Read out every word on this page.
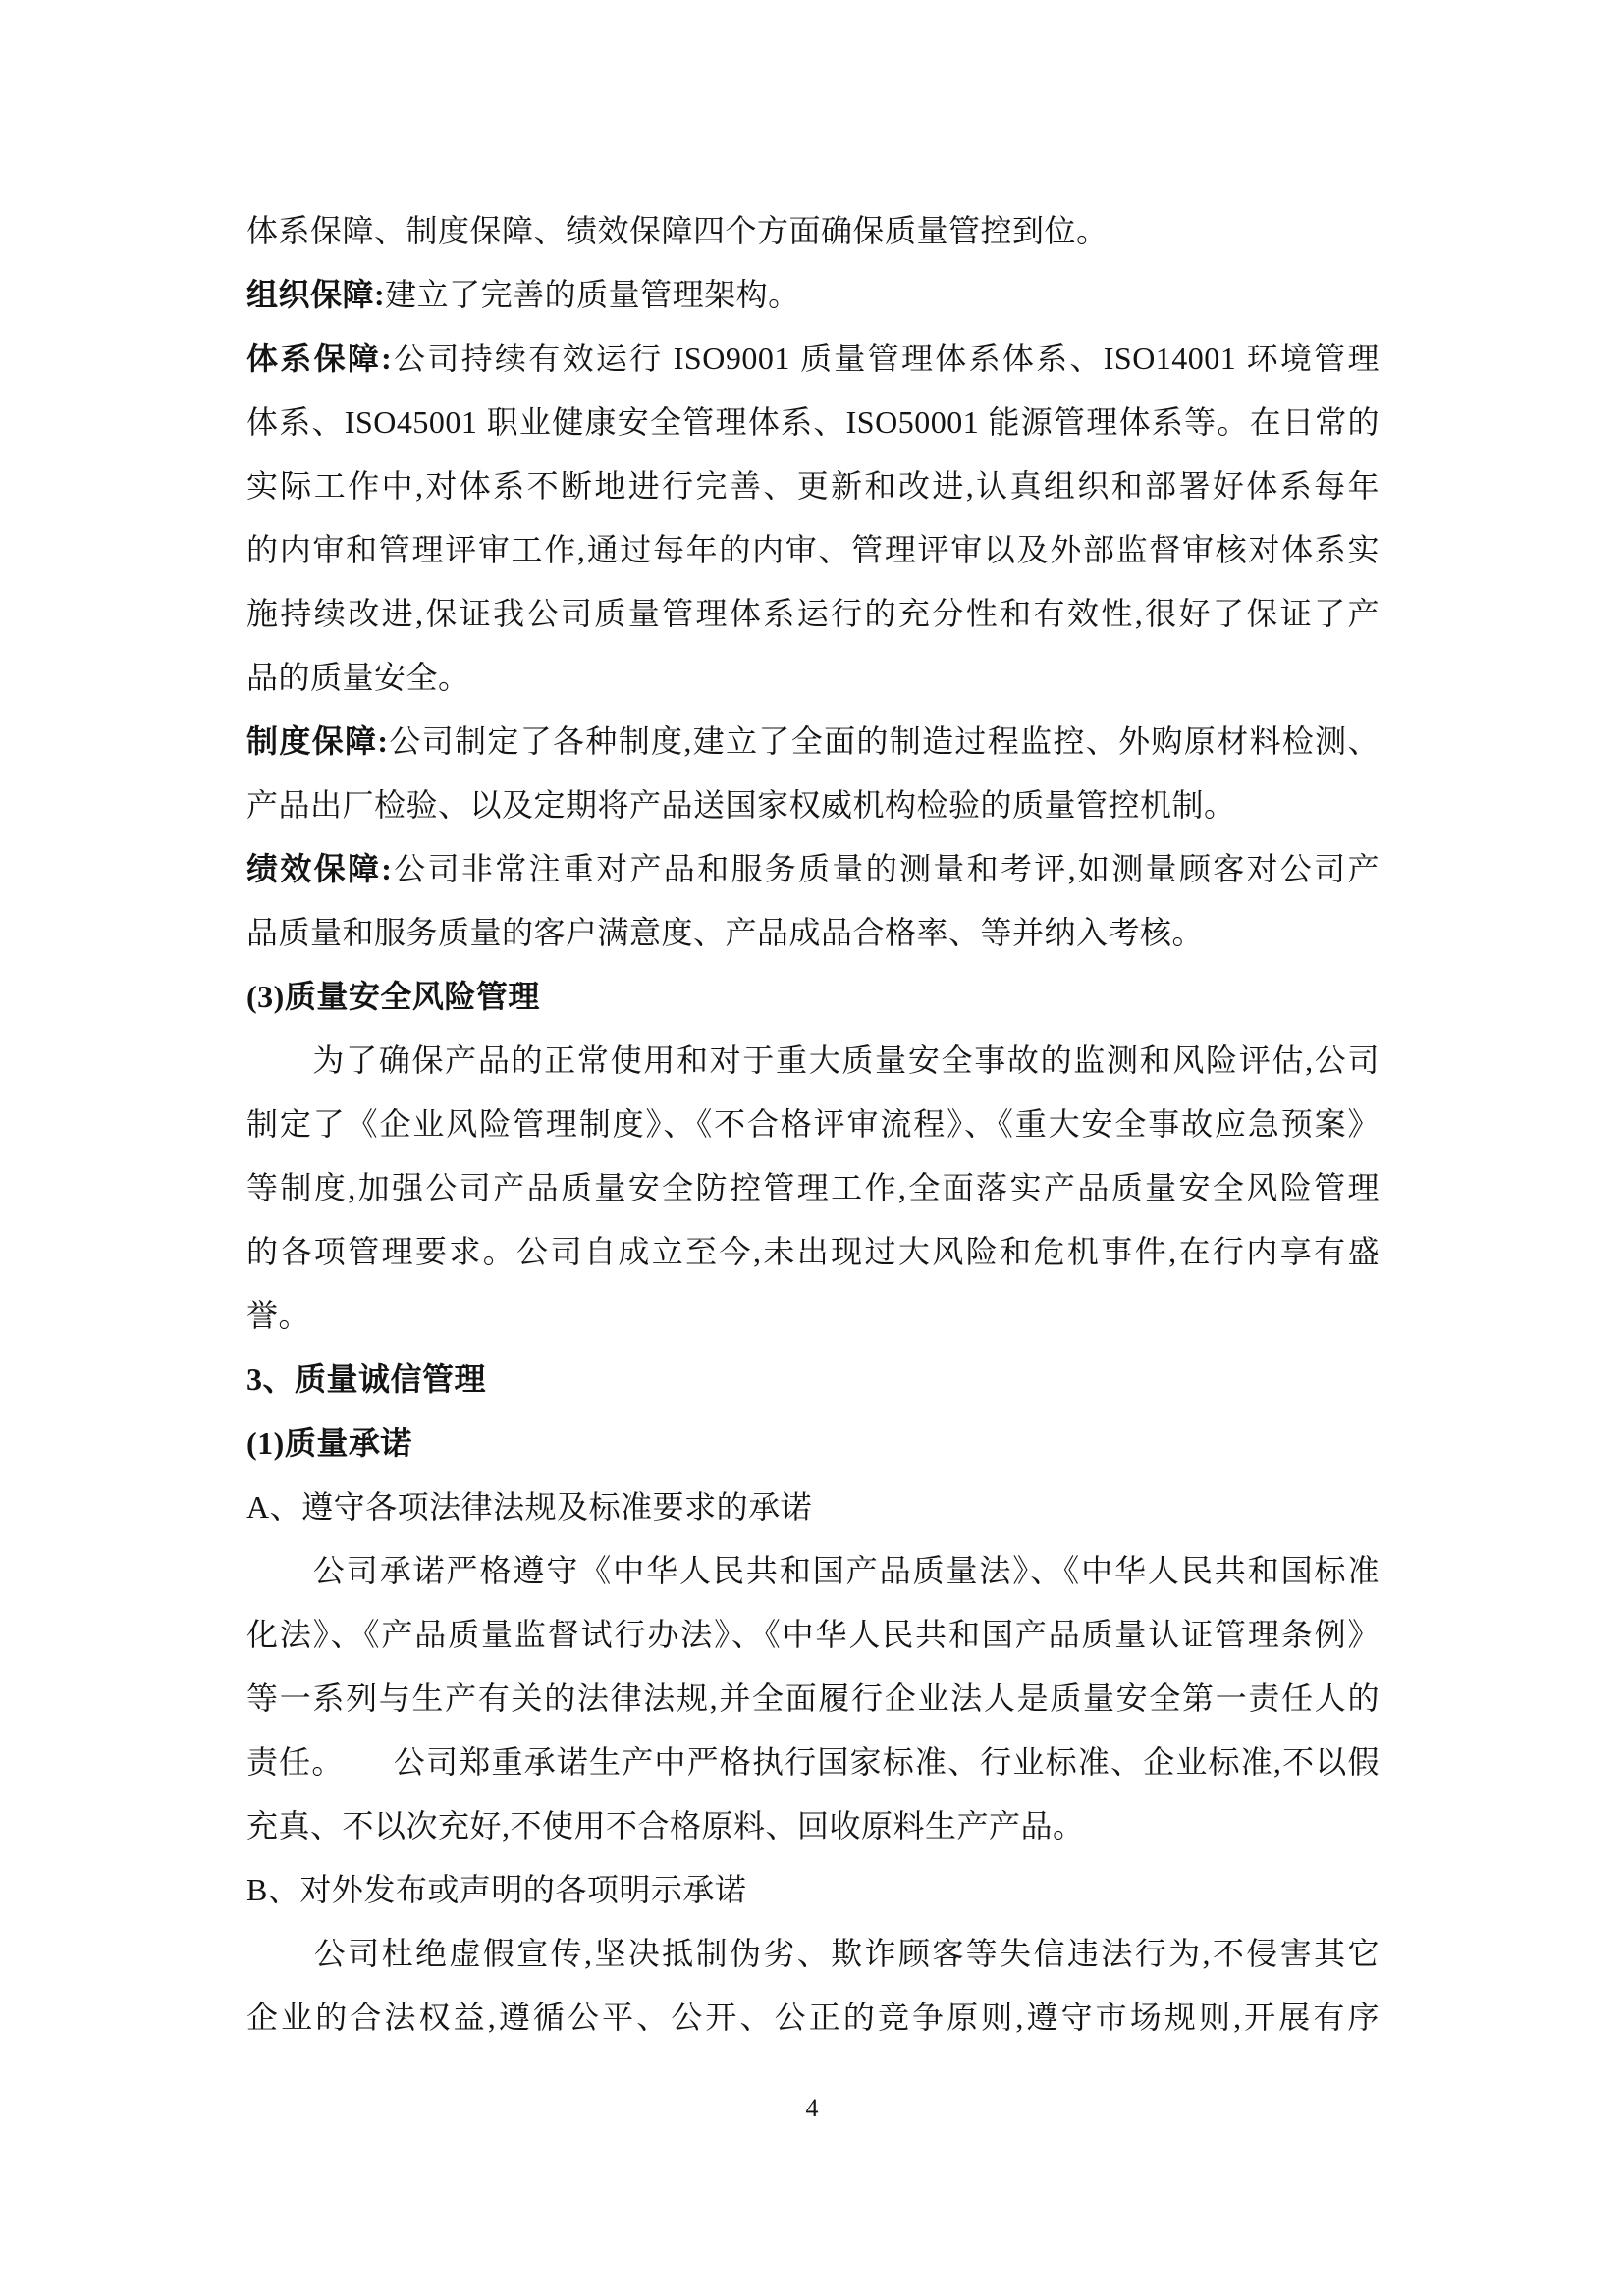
体系保障、制度保障、绩效保障四个方面确保质量管控到位。
组织保障:建立了完善的质量管理架构。
体系保障:公司持续有效运行 ISO9001 质量管理体系体系、ISO14001 环境管理
体系、ISO45001 职业健康安全管理体系、ISO50001 能源管理体系等。在日常的
实际工作中,对体系不断地进行完善、更新和改进,认真组织和部署好体系每年
的内审和管理评审工作,通过每年的内审、管理评审以及外部监督审核对体系实
施持续改进,保证我公司质量管理体系运行的充分性和有效性,很好了保证了产
品的质量安全。
制度保障:公司制定了各种制度,建立了全面的制造过程监控、外购原材料检测、
产品出厂检验、以及定期将产品送国家权威机构检验的质量管控机制。
绩效保障:公司非常注重对产品和服务质量的测量和考评,如测量顾客对公司产
品质量和服务质量的客户满意度、产品成品合格率、等并纳入考核。
(3)质量安全风险管理
　　为了确保产品的正常使用和对于重大质量安全事故的监测和风险评估,公司
制定了《企业风险管理制度》、《不合格评审流程》、《重大安全事故应急预案》
等制度,加强公司产品质量安全防控管理工作,全面落实产品质量安全风险管理
的各项管理要求。公司自成立至今,未出现过大风险和危机事件,在行内享有盛
誉。
3、质量诚信管理
(1)质量承诺
A、遵守各项法律法规及标准要求的承诺
　　公司承诺严格遵守《中华人民共和国产品质量法》、《中华人民共和国标准
化法》、《产品质量监督试行办法》、《中华人民共和国产品质量认证管理条例》
等一系列与生产有关的法律法规,并全面履行企业法人是质量安全第一责任人的
责任。　　公司郑重承诺生产中严格执行国家标准、行业标准、企业标准,不以假
充真、不以次充好,不使用不合格原料、回收原料生产产品。
B、对外发布或声明的各项明示承诺
　　公司杜绝虚假宣传,坚决抵制伪劣、欺诈顾客等失信违法行为,不侵害其它
企业的合法权益,遵循公平、公开、公正的竞争原则,遵守市场规则,开展有序
4
